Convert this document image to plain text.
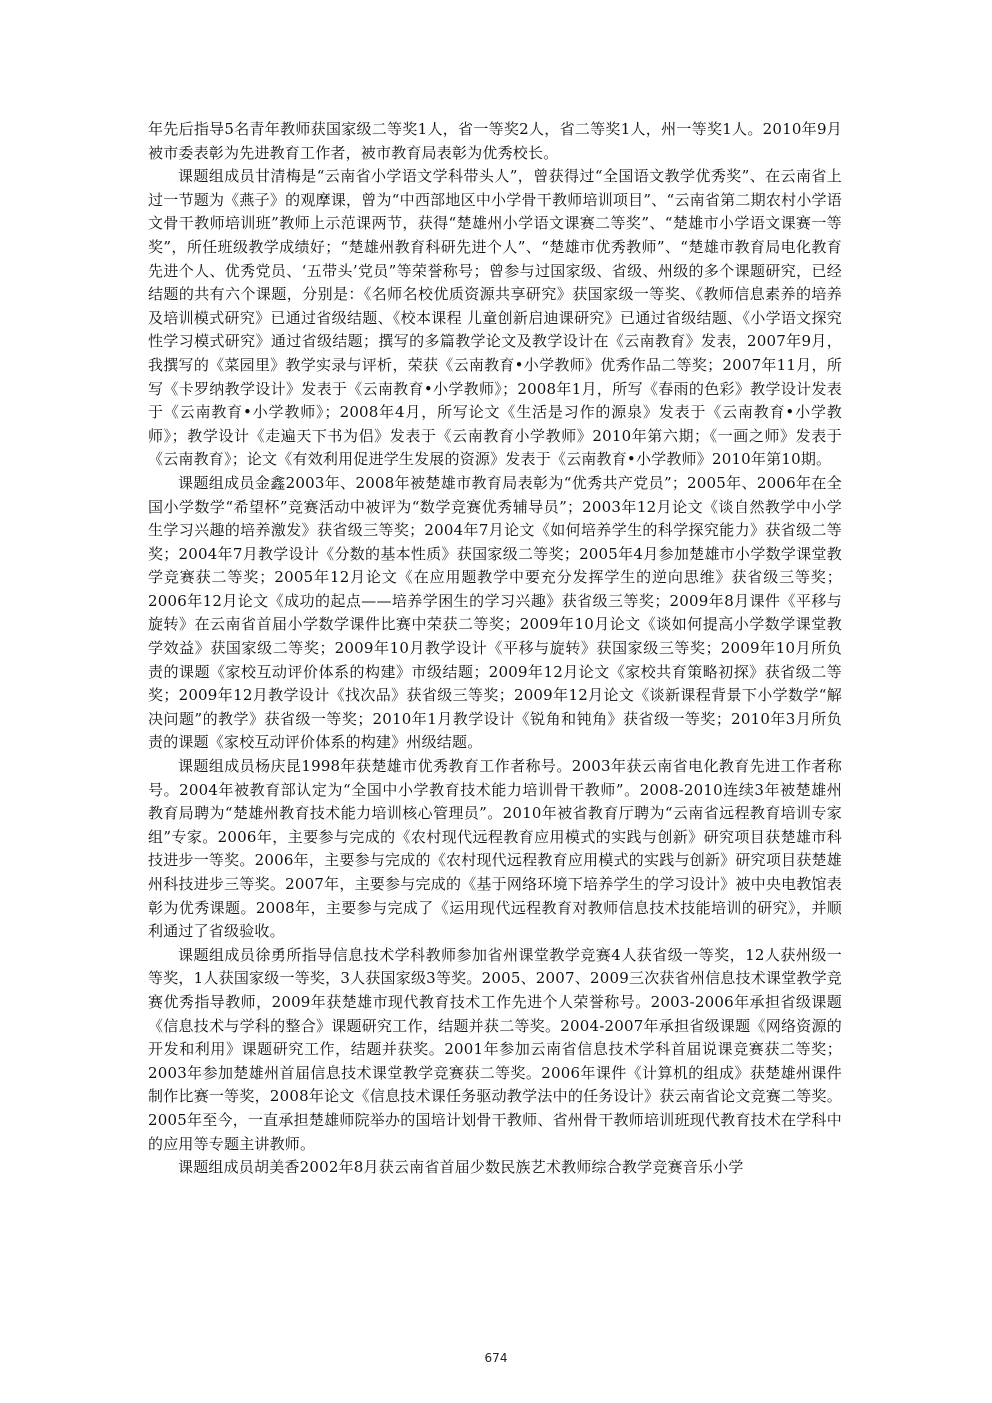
年先后指导5名青年教师获国家级二等奖1人，省一等奖2人，省二等奖1人，州一等奖1人。2010年9月被市委表彰为先进教育工作者，被市教育局表彰为优秀校长。

课题组成员甘清梅是“云南省小学语文学科带头人”，曾获得过“全国语文教学优秀奖”、在云南省上过一节题为《燕子》的观摩课，曾为“中西部地区中小学骨干教师培训项目”、“云南省第二期农村小学语文骨干教师培训班”教师上示范课两节，获得“楚雄州小学语文课赛二等奖”、“楚雄市小学语文课赛一等奖”，所任班级教学成绩好；“楚雄州教育科研先进个人”、“楚雄市优秀教师”、“楚雄市教育局电化教育先进个人、优秀党员、‘五带头’党员”等荣誉称号；曾参与过国家级、省级、州级的多个课题研究，已经结题的共有六个课题，分别是：《名师名校优质资源共享研究》获国家级一等奖、《教师信息素养的培养及培训模式研究》已通过省级结题、《校本课程 儿童创新启迪课研究》已通过省级结题、《小学语文探究性学习模式研究》通过省级结题；撰写的多篇教学论文及教学设计在《云南教育》发表，2007年9月，我撰写的《菜园里》教学实录与评析，荣获《云南教育•小学教师》优秀作品二等奖；2007年11月，所写《卡罗纳教学设计》发表于《云南教育•小学教师》；2008年1月，所写《春雨的色彩》教学设计发表于《云南教育•小学教师》；2008年4月，所写论文《生活是习作的源泉》发表于《云南教育•小学教师》；教学设计《走遍天下书为侣》发表于《云南教育小学教师》2010年第六期；《一画之师》发表于《云南教育》；论文《有效利用促进学生发展的资源》发表于《云南教育•小学教师》2010年第10期。

课题组成员金鑫2003年、2008年被楚雄市教育局表彰为“优秀共产党员”；2005年、2006年在全国小学数学“希望杯”竞赛活动中被评为“数学竞赛优秀辅导员”；2003年12月论文《谈自然教学中小学生学习兴趣的培养激发》获省级三等奖；2004年7月论文《如何培养学生的科学探究能力》获省级二等奖；2004年7月教学设计《分数的基本性质》获国家级二等奖；2005年4月参加楚雄市小学数学课堂教学竞赛获二等奖；2005年12月论文《在应用题教学中要充分发挥学生的逆向思维》获省级三等奖；2006年12月论文《成功的起点——培养学困生的学习兴趣》获省级三等奖；2009年8月课件《平移与旋转》在云南省首届小学数学课件比赛中荣获二等奖；2009年10月论文《谈如何提高小学数学课堂教学效益》获国家级二等奖；2009年10月教学设计《平移与旋转》获国家级三等奖；2009年10月所负责的课题《家校互动评价体系的构建》市级结题；2009年12月论文《家校共育策略初探》获省级二等奖；2009年12月教学设计《找次品》获省级三等奖；2009年12月论文《谈新课程背景下小学数学“解决问题”的教学》获省级一等奖；2010年1月教学设计《锐角和钝角》获省级一等奖；2010年3月所负责的课题《家校互动评价体系的构建》州级结题。

课题组成员杨庆昆1998年获楚雄市优秀教育工作者称号。2003年获云南省电化教育先进工作者称号。2004年被教育部认定为“全国中小学教育技术能力培训骨干教师”。2008-2010连续3年被楚雄州教育局聘为“楚雄州教育技术能力培训核心管理员”。2010年被省教育厅聘为“云南省远程教育培训专家组”专家。2006年，主要参与完成的《农村现代远程教育应用模式的实践与创新》研究项目获楚雄市科技进步一等奖。2006年，主要参与完成的《农村现代远程教育应用模式的实践与创新》研究项目获楚雄州科技进步三等奖。2007年，主要参与完成的《基于网络环境下培养学生的学习设计》被中央电教馆表彰为优秀课题。2008年，主要参与完成了《运用现代远程教育对教师信息技术技能培训的研究》，并顺利通过了省级验收。

课题组成员徐勇所指导信息技术学科教师参加省州课堂教学竞赛4人获省级一等奖，12人获州级一等奖，1人获国家级一等奖，3人获国家级3等奖。2005、2007、2009三次获省州信息技术课堂教学竞赛优秀指导教师，2009年获楚雄市现代教育技术工作先进个人荣誉称号。2003-2006年承担省级课题《信息技术与学科的整合》课题研究工作，结题并获二等奖。2004-2007年承担省级课题《网络资源的开发和利用》课题研究工作，结题并获奖。2001年参加云南省信息技术学科首届说课竞赛获二等奖；2003年参加楚雄州首届信息技术课堂教学竞赛获二等奖。2006年课件《计算机的组成》获楚雄州课件制作比赛一等奖，2008年论文《信息技术课任务驱动教学法中的任务设计》获云南省论文竞赛二等奖。2005年至今，一直承担楚雄师院举办的国培计划骨干教师、省州骨干教师培训班现代教育技术在学科中的应用等专题主讲教师。

课题组成员胡美香2002年8月获云南省首届少数民族艺术教师综合教学竞赛音乐小学

674
